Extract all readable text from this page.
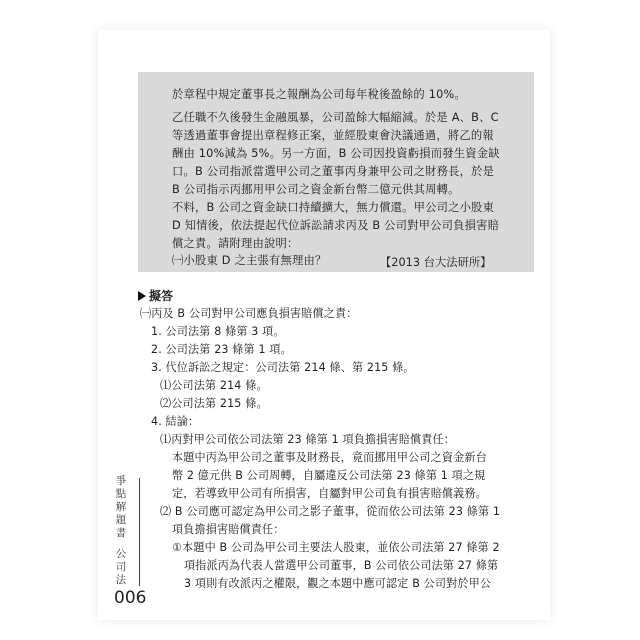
於章程中規定董事長之報酬為公司每年稅後盈餘的 10%。
乙任職不久後發生金融風暴，公司盈餘大幅縮減。於是 A、B、C
等透過董事會提出章程修正案，並經股東會決議通過，將乙的報
酬由 10%減為 5%。另一方面，B 公司因投資虧損而發生資金缺
口。B 公司指派當選甲公司之董事丙身兼甲公司之財務長，於是
B 公司指示丙挪用甲公司之資金新台幣二億元供其周轉。
不料，B 公司之資金缺口持續擴大，無力償還。甲公司之小股東
D 知情後，依法提起代位訴訟請求丙及 B 公司對甲公司負損害賠
償之責。請附理由說明：
㈠小股東 D 之主張有無理由？	【2013 台大法研所】
擬答
㈠丙及 B 公司對甲公司應負損害賠償之責：
1. 公司法第 8 條第 3 項。
2. 公司法第 23 條第 1 項。
3. 代位訴訟之規定：公司法第 214 條、第 215 條。
⑴公司法第 214 條。
⑵公司法第 215 條。
4. 結論：
⑴丙對甲公司依公司法第 23 條第 1 項負擔損害賠償責任：
本題中丙為甲公司之董事及財務長，竟而挪用甲公司之資金新台
幣 2 億元供 B 公司周轉，自屬違反公司法第 23 條第 1 項之規
定，若導致甲公司有所損害，自屬對甲公司負有損害賠償義務。
⑵ B 公司應可認定為甲公司之影子董事，從而依公司法第 23 條第 1
項負擔損害賠償責任：
①本題中 B 公司為甲公司主要法人股東，並依公司法第 27 條第 2
項指派丙為代表人當選甲公司董事，B 公司依公司法第 27 條第
3 項則有改派丙之權限，觀之本題中應可認定 B 公司對於甲公
爭
點
解
題
書
公
司
法
006
